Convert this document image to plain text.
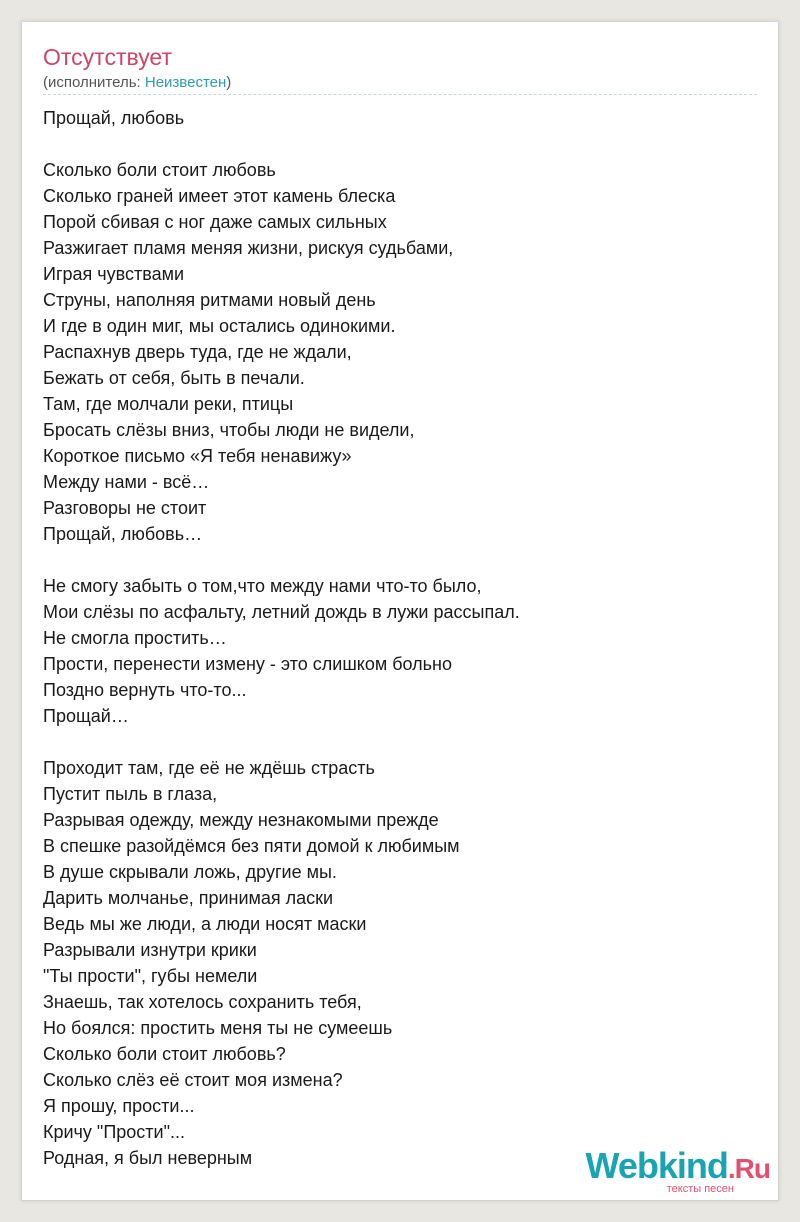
Отсутствует
(исполнитель: Неизвестен)
Прощай, любовь
Сколько боли стоит любовь
Сколько граней имеет этот камень блеска
Порой сбивая с ног даже самых сильных
Разжигает пламя меняя жизни, рискуя судьбами,
Играя чувствами
Струны, наполняя ритмами новый день
И где в один миг, мы остались одинокими.
Распахнув дверь туда, где не ждали,
Бежать от себя, быть в печали.
Там, где молчали реки, птицы
Бросать слёзы вниз, чтобы люди не видели,
Короткое письмо «Я тебя ненавижу»
Между нами - всё…
Разговоры не стоит
Прощай, любовь…
Не смогу забыть о том,что между нами что-то было,
Мои слёзы по асфальту, летний дождь в лужи рассыпал.
Не смогла простить…
Прости, перенести измену - это слишком больно
Поздно вернуть что-то...
Прощай…
Проходит там, где её не ждёшь страсть
Пустит пыль в глаза,
Разрывая одежду, между незнакомыми прежде
В спешке разойдёмся без пяти домой к любимым
В душе скрывали ложь, другие мы.
Дарить молчанье, принимая ласки
Ведь мы же люди, а люди носят маски
Разрывали изнутри крики
"Ты прости", губы немели
Знаешь, так хотелось сохранить тебя,
Но боялся: простить меня ты не сумеешь
Сколько боли стоит любовь?
Сколько слёз её стоит моя измена?
Я прошу, прости...
Кричу "Прости"...
Родная, я был неверным	Webkind.Ru
тексты песен
